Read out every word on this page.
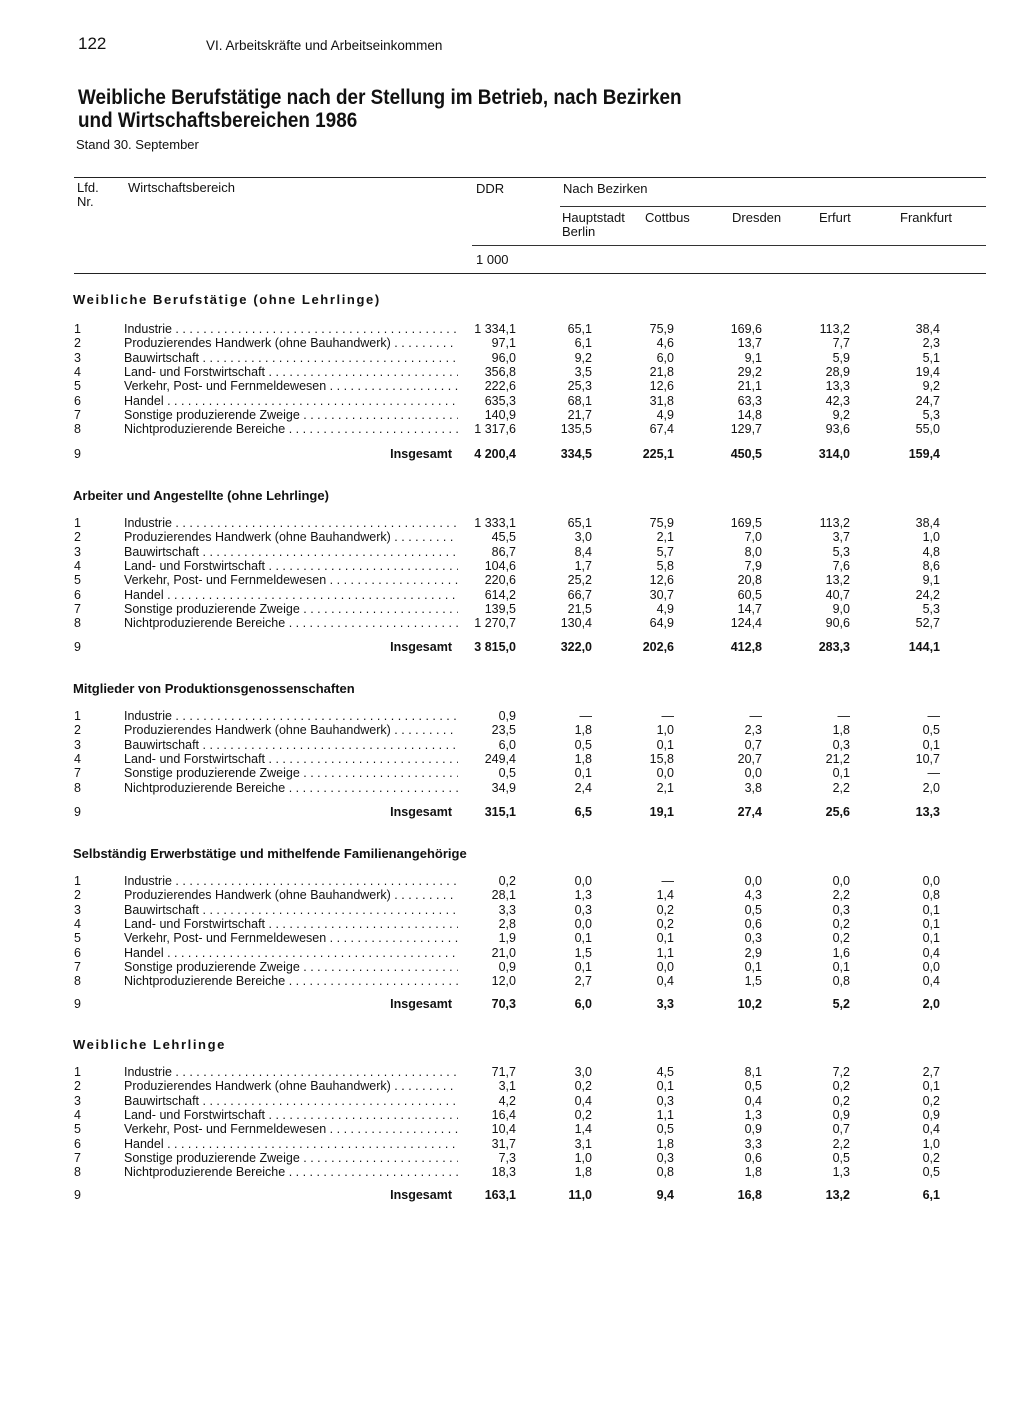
122	VI. Arbeitskräfte und Arbeitseinkommen
Weibliche Berufstätige nach der Stellung im Betrieb, nach Bezirken
und Wirtschaftsbereichen 1986
Stand 30. September
Lfd.
Nr.
Wirtschaftsbereich	DDR	Nach Bezirken
Hauptstadt
Berlin
Cottbus	Dresden	Erfurt	Frankfurt
1 000
Weibliche Berufstätige (ohne Lehrlinge)
1	Industrie . . .	1 334,1	65,1	75,9	169,6	113,2	38,4
2	Produzierendes Handwerk (ohne Bauhandwerk) . . .	97,1	6,1	4,6	13,7	7,7	2,3
3	Bauwirtschaft . . .	96,0	9,2	6,0	9,1	5,9	5,1
4	Land- und Forstwirtschaft . . .	356,8	3,5	21,8	29,2	28,9	19,4
5	Verkehr, Post- und Fernmeldewesen . . .	222,6	25,3	12,6	21,1	13,3	9,2
6	Handel . . .	635,3	68,1	31,8	63,3	42,3	24,7
7	Sonstige produzierende Zweige . . .	140,9	21,7	4,9	14,8	9,2	5,3
8	Nichtproduzierende Bereiche . . .	1 317,6	135,5	67,4	129,7	93,6	55,0
9	Insgesamt	4 200,4	334,5	225,1	450,5	314,0	159,4
Arbeiter und Angestellte (ohne Lehrlinge)
1	Industrie . . .	1 333,1	65,1	75,9	169,5	113,2	38,4
2	Produzierendes Handwerk (ohne Bauhandwerk) . . .	45,5	3,0	2,1	7,0	3,7	1,0
3	Bauwirtschaft . . .	86,7	8,4	5,7	8,0	5,3	4,8
4	Land- und Forstwirtschaft . . .	104,6	1,7	5,8	7,9	7,6	8,6
5	Verkehr, Post- und Fernmeldewesen . . .	220,6	25,2	12,6	20,8	13,2	9,1
6	Handel . . .	614,2	66,7	30,7	60,5	40,7	24,2
7	Sonstige produzierende Zweige . . .	139,5	21,5	4,9	14,7	9,0	5,3
8	Nichtproduzierende Bereiche . . .	1 270,7	130,4	64,9	124,4	90,6	52,7
9	Insgesamt	3 815,0	322,0	202,6	412,8	283,3	144,1
Mitglieder von Produktionsgenossenschaften
1	Industrie . . .	0,9	—	—	—	—	—
2	Produzierendes Handwerk (ohne Bauhandwerk) . . .	23,5	1,8	1,0	2,3	1,8	0,5
3	Bauwirtschaft . . .	6,0	0,5	0,1	0,7	0,3	0,1
4	Land- und Forstwirtschaft . . .	249,4	1,8	15,8	20,7	21,2	10,7
7	Sonstige produzierende Zweige . . .	0,5	0,1	0,0	0,0	0,1	—
8	Nichtproduzierende Bereiche . . .	34,9	2,4	2,1	3,8	2,2	2,0
9	Insgesamt	315,1	6,5	19,1	27,4	25,6	13,3
Selbständig Erwerbstätige und mithelfende Familienangehörige
1	Industrie . . .	0,2	0,0	—	0,0	0,0	0,0
2	Produzierendes Handwerk (ohne Bauhandwerk) . . .	28,1	1,3	1,4	4,3	2,2	0,8
3	Bauwirtschaft . . .	3,3	0,3	0,2	0,5	0,3	0,1
4	Land- und Forstwirtschaft . . .	2,8	0,0	0,2	0,6	0,2	0,1
5	Verkehr, Post- und Fernmeldewesen . . .	1,9	0,1	0,1	0,3	0,2	0,1
6	Handel . . .	21,0	1,5	1,1	2,9	1,6	0,4
7	Sonstige produzierende Zweige . . .	0,9	0,1	0,0	0,1	0,1	0,0
8	Nichtproduzierende Bereiche . . .	12,0	2,7	0,4	1,5	0,8	0,4
9	Insgesamt	70,3	6,0	3,3	10,2	5,2	2,0
Weibliche Lehrlinge
1	Industrie . . .	71,7	3,0	4,5	8,1	7,2	2,7
2	Produzierendes Handwerk (ohne Bauhandwerk) . . .	3,1	0,2	0,1	0,5	0,2	0,1
3	Bauwirtschaft . . .	4,2	0,4	0,3	0,4	0,2	0,2
4	Land- und Forstwirtschaft . . .	16,4	0,2	1,1	1,3	0,9	0,9
5	Verkehr, Post- und Fernmeldewesen . . .	10,4	1,4	0,5	0,9	0,7	0,4
6	Handel . . .	31,7	3,1	1,8	3,3	2,2	1,0
7	Sonstige produzierende Zweige . . .	7,3	1,0	0,3	0,6	0,5	0,2
8	Nichtproduzierende Bereiche . . .	18,3	1,8	0,8	1,8	1,3	0,5
9	Insgesamt	163,1	11,0	9,4	16,8	13,2	6,1
